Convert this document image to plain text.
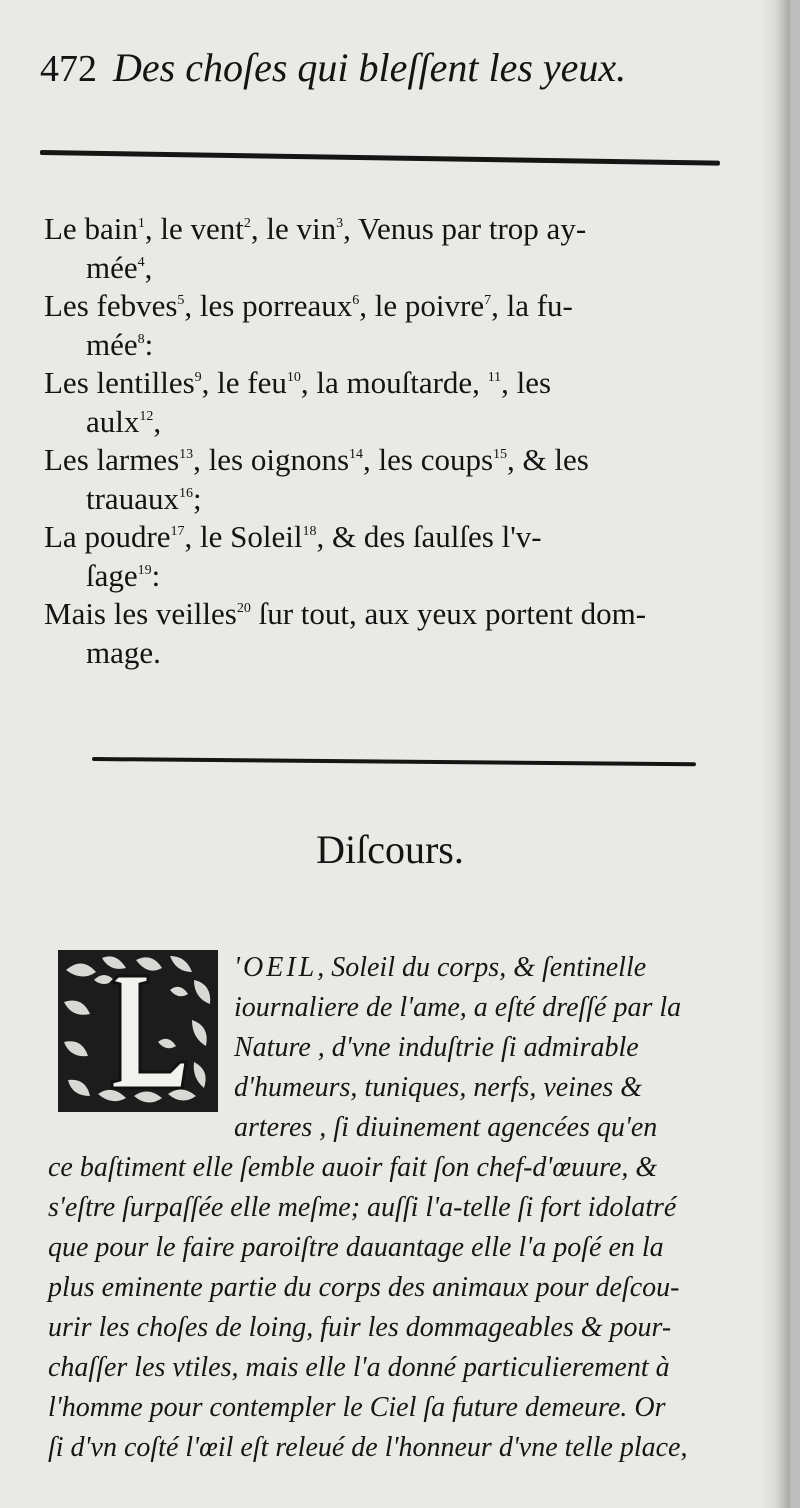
472 Des choſes qui bleſſent les yeux.
Le bain$^1$, le vent$^2$, le vin$^3$, Venus par trop ay-
mée$^4$,
Les febves$^5$, les porreaux$^6$, le poivre$^7$, la fu-
mée$^8$:
Les lentilles$^9$, le feu$^{10}$, la mouſtarde, $^{11}$, les
aulx$^{12}$,
Les larmes$^{13}$, les oignons$^{14}$, les coups$^{15}$, & les
trauaux$^{16}$;
La poudre$^{17}$, le Soleil$^{18}$, & des ſaulſes l'v-
ſage$^{19}$:
Mais les veilles$^{20}$ ſur tout, aux yeux portent dom-
mage.
Diſcours.
'OEIL, Soleil du corps, & ſentinelle
iournaliere de l'ame, a eſté dreſſé par la
Nature , d'vne induſtrie ſi admirable
d'humeurs, tuniques, nerfs, veines &
arteres , ſi diuinement agencées qu'en
ce baſtiment elle ſemble auoir fait ſon chef-d'œuure, &
s'eſtre ſurpaſſée elle meſme; auſſi l'a-telle ſi fort idolatré
que pour le faire paroiſtre dauantage elle l'a poſé en la
plus eminente partie du corps des animaux pour deſcou-
urir les choſes de loing, fuir les dommageables & pour-
chaſſer les vtiles, mais elle l'a donné particulierement à
l'homme pour contempler le Ciel ſa future demeure. Or
ſi d'vn coſté l'œil eſt releué de l'honneur d'vne telle place,
